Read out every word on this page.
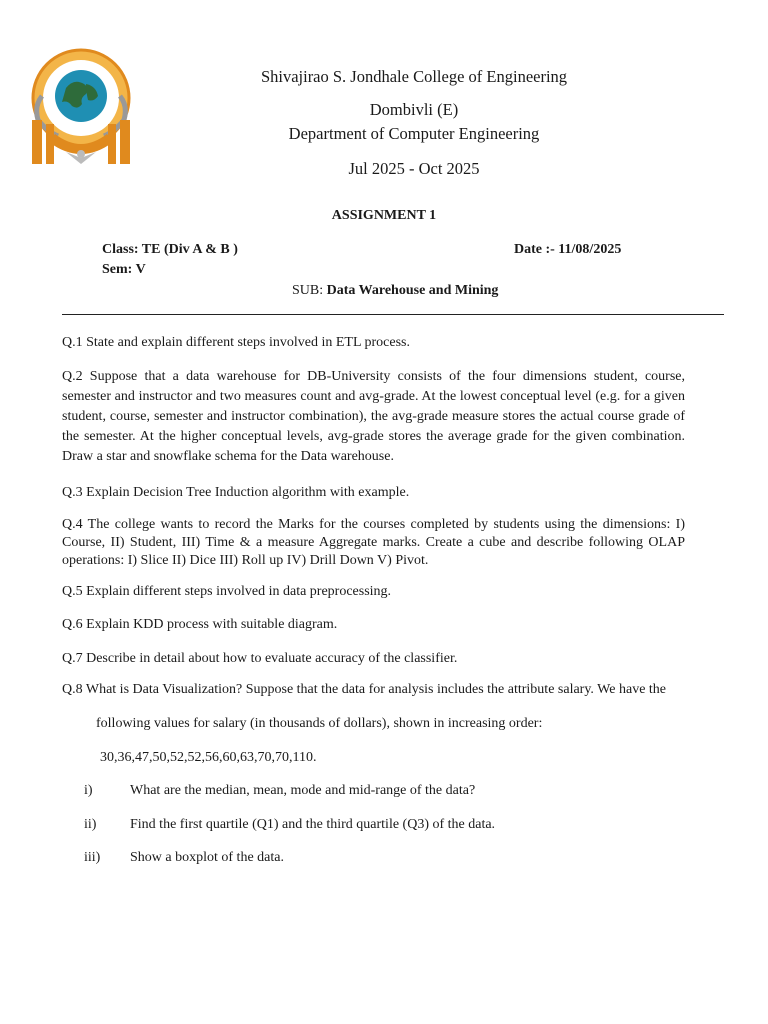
Shivajirao S. Jondhale College of Engineering
Dombivli (E)
Department of Computer Engineering
Jul 2025 - Oct 2025
ASSIGNMENT 1
Class: TE (Div A & B )	Date :- 11/08/2025
Sem: V
SUB: Data Warehouse and Mining
Q.1 State and explain different steps involved in ETL process.
Q.2 Suppose that a data warehouse for DB-University consists of the four dimensions student, course, semester and instructor and two measures count and avg-grade. At the lowest conceptual level (e.g. for a given student, course, semester and instructor combination), the avg-grade measure stores the actual course grade of the semester. At the higher conceptual levels, avg-grade stores the average grade for the given combination. Draw a star and snowflake schema for the Data warehouse.
Q.3 Explain Decision Tree Induction algorithm with example.
Q.4 The college wants to record the Marks for the courses completed by students using the dimensions: I) Course, II) Student, III) Time & a measure Aggregate marks. Create a cube and describe following OLAP operations: I) Slice II) Dice III) Roll up IV) Drill Down V) Pivot.
Q.5 Explain different steps involved in data preprocessing.
Q.6 Explain KDD process with suitable diagram.
Q.7 Describe in detail about how to evaluate accuracy of the classifier.
Q.8 What is Data Visualization? Suppose that the data for analysis includes the attribute salary. We have the
following values for salary (in thousands of dollars), shown in increasing order:
30,36,47,50,52,52,56,60,63,70,70,110.
i)	What are the median, mean, mode and mid-range of the data?
ii) Find the first quartile (Q1) and the third quartile (Q3) of the data.
iii) Show a boxplot of the data.
